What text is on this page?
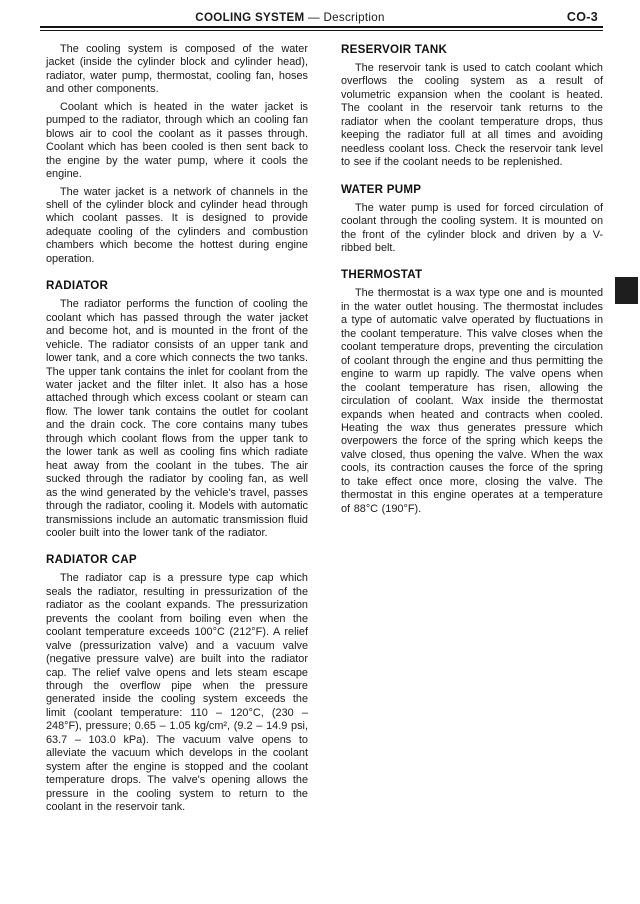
COOLING SYSTEM — Description	CO-3

The cooling system is composed of the water jacket (inside the cylinder block and cylinder head), radiator, water pump, thermostat, cooling fan, hoses and other components.

Coolant which is heated in the water jacket is pumped to the radiator, through which an cooling fan blows air to cool the coolant as it passes through. Coolant which has been cooled is then sent back to the engine by the water pump, where it cools the engine.

The water jacket is a network of channels in the shell of the cylinder block and cylinder head through which coolant passes. It is designed to provide adequate cooling of the cylinders and combustion chambers which become the hottest during engine operation.

RADIATOR

The radiator performs the function of cooling the coolant which has passed through the water jacket and become hot, and is mounted in the front of the vehicle. The radiator consists of an upper tank and lower tank, and a core which connects the two tanks. The upper tank contains the inlet for coolant from the water jacket and the filter inlet. It also has a hose attached through which excess coolant or steam can flow. The lower tank contains the outlet for coolant and the drain cock. The core contains many tubes through which coolant flows from the upper tank to the lower tank as well as cooling fins which radiate heat away from the coolant in the tubes. The air sucked through the radiator by cooling fan, as well as the wind generated by the vehicle's travel, passes through the radiator, cooling it. Models with automatic transmissions include an automatic transmission fluid cooler built into the lower tank of the radiator.

RADIATOR CAP

The radiator cap is a pressure type cap which seals the radiator, resulting in pressurization of the radiator as the coolant expands. The pressurization prevents the coolant from boiling even when the coolant temperature exceeds 100°C (212°F). A relief valve (pressurization valve) and a vacuum valve (negative pressure valve) are built into the radiator cap. The relief valve opens and lets steam escape through the overflow pipe when the pressure generated inside the cooling system exceeds the limit (coolant temperature: 110 – 120°C, (230 – 248°F), pressure; 0.65 – 1.05 kg/cm², (9.2 – 14.9 psi, 63.7 – 103.0 kPa). The vacuum valve opens to alleviate the vacuum which develops in the coolant system after the engine is stopped and the coolant temperature drops. The valve's opening allows the pressure in the cooling system to return to the coolant in the reservoir tank.

RESERVOIR TANK

The reservoir tank is used to catch coolant which overflows the cooling system as a result of volumetric expansion when the coolant is heated. The coolant in the reservoir tank returns to the radiator when the coolant temperature drops, thus keeping the radiator full at all times and avoiding needless coolant loss. Check the reservoir tank level to see if the coolant needs to be replenished.

WATER PUMP

The water pump is used for forced circulation of coolant through the cooling system. It is mounted on the front of the cylinder block and driven by a V-ribbed belt.

THERMOSTAT

The thermostat is a wax type one and is mounted in the water outlet housing. The thermostat includes a type of automatic valve operated by fluctuations in the coolant temperature. This valve closes when the coolant temperature drops, preventing the circulation of coolant through the engine and thus permitting the engine to warm up rapidly. The valve opens when the coolant temperature has risen, allowing the circulation of coolant. Wax inside the thermostat expands when heated and contracts when cooled. Heating the wax thus generates pressure which overpowers the force of the spring which keeps the valve closed, thus opening the valve. When the wax cools, its contraction causes the force of the spring to take effect once more, closing the valve. The thermostat in this engine operates at a temperature of 88°C (190°F).
